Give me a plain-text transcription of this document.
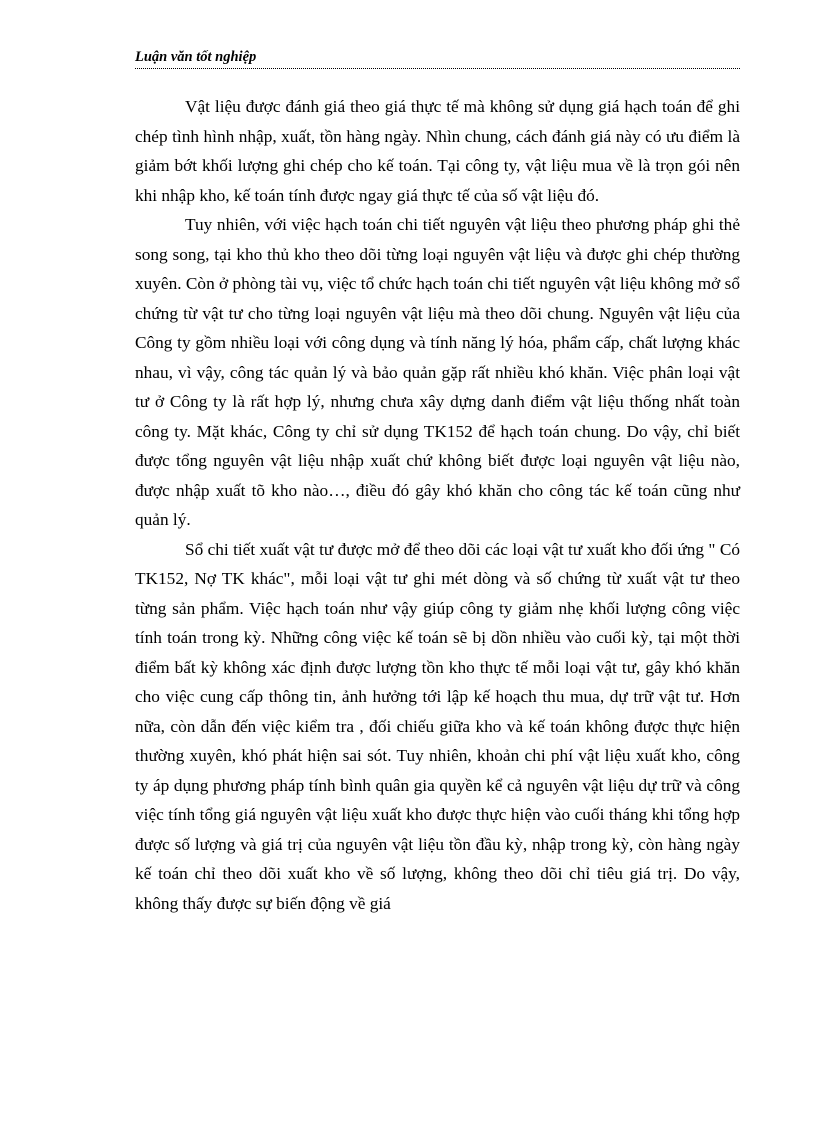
Luận văn tốt nghiệp

Vật liệu được đánh giá theo giá thực tế mà không sử dụng giá hạch toán để ghi chép tình hình nhập, xuất, tồn hàng ngày. Nhìn chung, cách đánh giá này có ưu điểm là giảm bớt khối lượng ghi chép cho kế toán. Tại công ty, vật liệu mua về là trọn gói nên khi nhập kho, kế toán tính được ngay giá thực tế của số vật liệu đó.

Tuy nhiên, với việc hạch toán chi tiết nguyên vật liệu theo phương pháp ghi thẻ song song, tại kho thủ kho theo dõi từng loại nguyên vật liệu và được ghi chép thường xuyên. Còn ở phòng tài vụ, việc tổ chức hạch toán chi tiết nguyên vật liệu không mở sổ chứng từ vật tư cho từng loại nguyên vật liệu mà theo dõi chung. Nguyên vật liệu của Công ty gồm nhiều loại với công dụng và tính năng lý hóa, phẩm cấp, chất lượng khác nhau, vì vậy, công tác quản lý và bảo quản gặp rất nhiều khó khăn. Việc phân loại vật tư ở Công ty là rất hợp lý, nhưng chưa xây dựng danh điểm vật liệu thống nhất toàn công ty. Mặt khác, Công ty chỉ sử dụng TK152 để hạch toán chung. Do vậy, chỉ biết được tổng nguyên vật liệu nhập xuất chứ không biết được loại nguyên vật liệu nào, được nhập xuất tõ kho nào…, điều đó gây khó khăn cho công tác kế toán cũng như quản lý.

Sổ chi tiết xuất vật tư được mở để theo dõi các loại vật tư xuất kho đối ứng " Có TK152, Nợ TK khác", mỗi loại vật tư ghi mét dòng và số chứng từ xuất vật tư theo từng sản phẩm. Việc hạch toán như vậy giúp công ty giảm nhẹ khối lượng công việc tính toán trong kỳ. Những công việc kế toán sẽ bị dồn nhiều vào cuối kỳ, tại một thời điểm bất kỳ không xác định được lượng tồn kho thực tế mỗi loại vật tư, gây khó khăn cho việc cung cấp thông tin, ảnh hưởng tới lập kế hoạch thu mua, dự trữ vật tư. Hơn nữa, còn dẫn đến việc kiểm tra , đối chiếu giữa kho và kế toán không được thực hiện thường xuyên, khó phát hiện sai sót. Tuy nhiên, khoản chi phí vật liệu xuất kho, công ty áp dụng phương pháp tính bình quân gia quyền kể cả nguyên vật liệu dự trữ và công việc tính tổng giá nguyên vật liệu xuất kho được thực hiện vào cuối tháng khi tổng hợp được số lượng và giá trị của nguyên vật liệu tồn đầu kỳ, nhập trong kỳ, còn hàng ngày kế toán chỉ theo dõi xuất kho về số lượng, không theo dõi chỉ tiêu giá trị. Do vậy, không thấy được sự biến động về giá
